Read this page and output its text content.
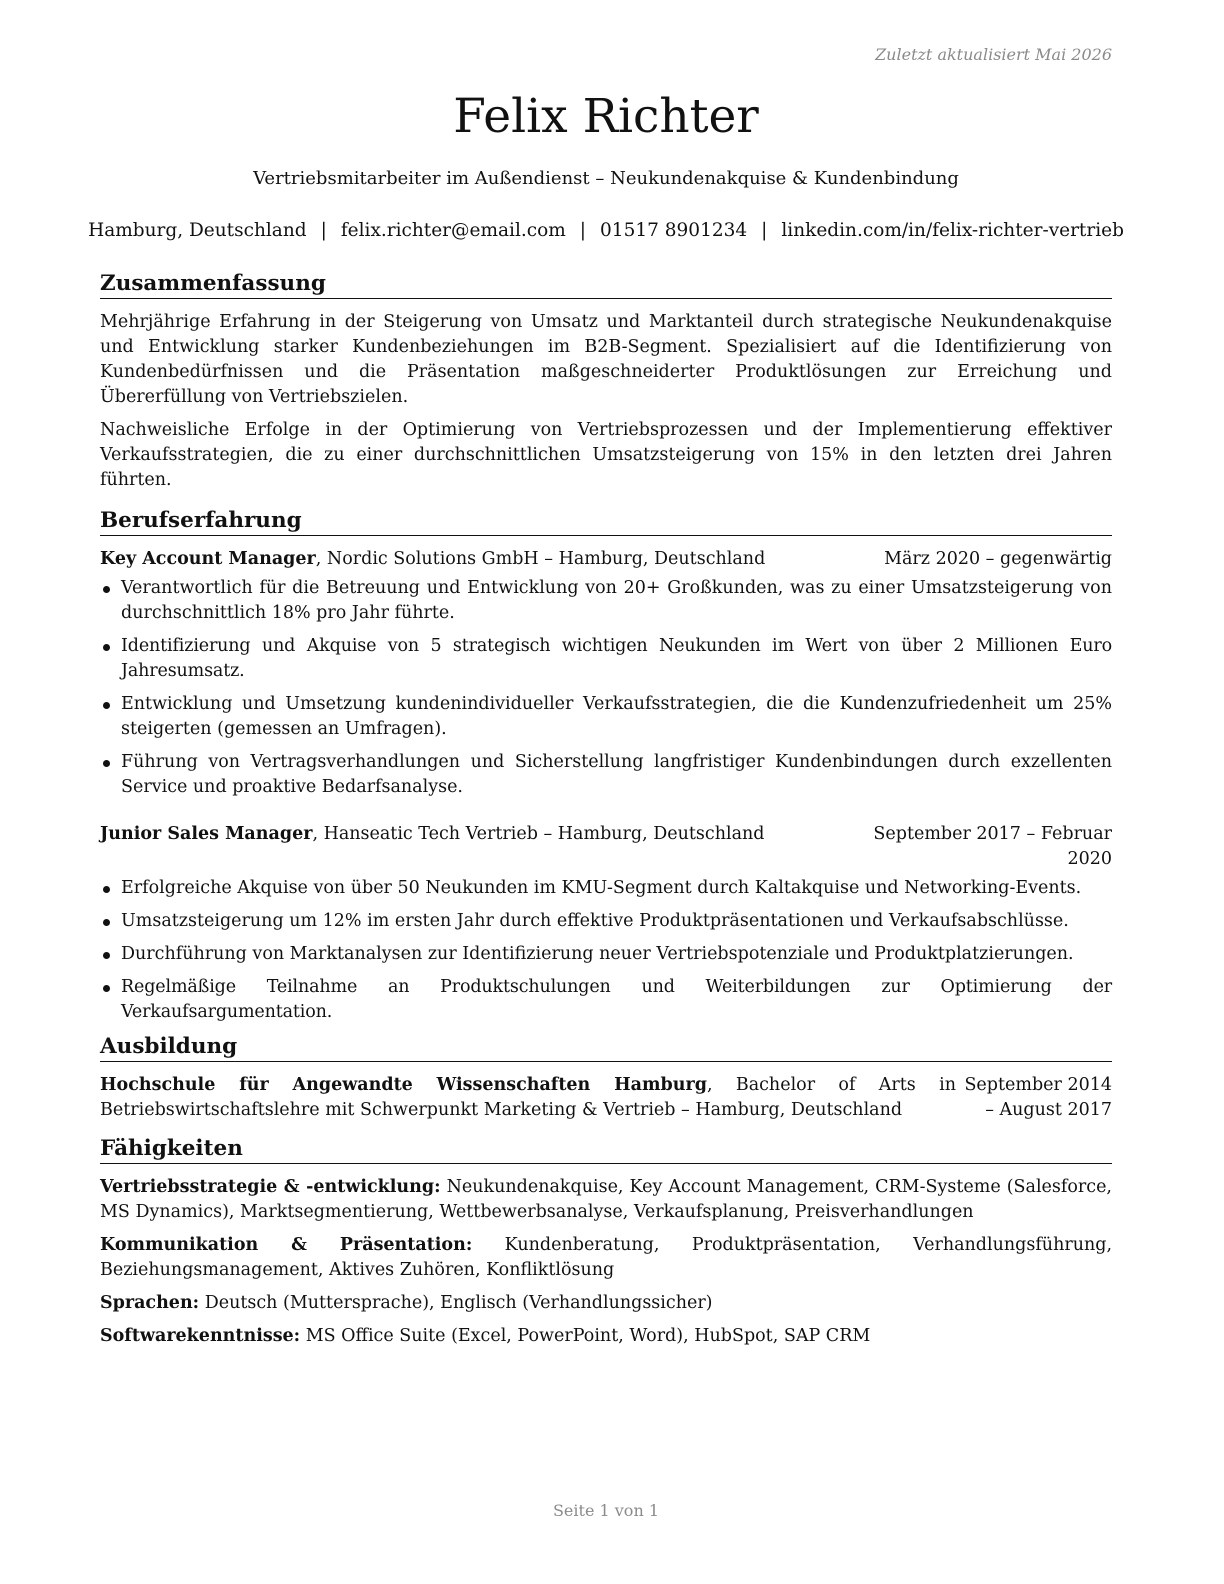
Zuletzt aktualisiert Mai 2026
Felix Richter
Vertriebsmitarbeiter im Außendienst – Neukundenakquise & Kundenbindung
Hamburg, Deutschland | felix.richter@email.com | 01517 8901234 | linkedin.com/in/felix-richter-vertrieb
Zusammenfassung

Mehrjährige Erfahrung in der Steigerung von Umsatz und Marktanteil durch strategische Neukundenakquise und Entwicklung starker Kundenbeziehungen im B2B-Segment. Spezialisiert auf die Identifizierung von Kundenbedürfnissen und die Präsentation maßgeschneiderter Produktlösungen zur Erreichung und Übererfüllung von Vertriebszielen.

Nachweisliche Erfolge in der Optimierung von Vertriebsprozessen und der Implementierung effektiver Verkaufsstrategien, die zu einer durchschnittlichen Umsatzsteigerung von 15% in den letzten drei Jahren führten.

Berufserfahrung
Key Account Manager, Nordic Solutions GmbH – Hamburg, Deutschland	März 2020 – gegenwärtig
Verantwortlich für die Betreuung und Entwicklung von 20+ Großkunden, was zu einer Umsatzsteigerung von durchschnittlich 18% pro Jahr führte.
Identifizierung und Akquise von 5 strategisch wichtigen Neukunden im Wert von über 2 Millionen Euro Jahresumsatz.
Entwicklung und Umsetzung kundenindividueller Verkaufsstrategien, die die Kundenzufriedenheit um 25% steigerten (gemessen an Umfragen).
Führung von Vertragsverhandlungen und Sicherstellung langfristiger Kundenbindungen durch exzellenten Service und proaktive Bedarfsanalyse.
Junior Sales Manager, Hanseatic Tech Vertrieb – Hamburg, Deutschland	September 2017 – Februar 2020
Erfolgreiche Akquise von über 50 Neukunden im KMU-Segment durch Kaltakquise und Networking-Events.
Umsatzsteigerung um 12% im ersten Jahr durch effektive Produktpräsentationen und Verkaufsabschlüsse.
Durchführung von Marktanalysen zur Identifizierung neuer Vertriebspotenziale und Produktplatzierungen.
Regelmäßige Teilnahme an Produktschulungen und Weiterbildungen zur Optimierung der Verkaufsargumentation.
Ausbildung
Hochschule für Angewandte Wissenschaften Hamburg, Bachelor of Arts in Betriebswirtschaftslehre mit Schwerpunkt Marketing & Vertrieb – Hamburg, Deutschland
September 2014 – August 2017
Fähigkeiten

Vertriebsstrategie & -entwicklung: Neukundenakquise, Key Account Management, CRM-Systeme (Salesforce, MS Dynamics), Marktsegmentierung, Wettbewerbsanalyse, Verkaufsplanung, Preisverhandlungen

Kommunikation & Präsentation: Kundenberatung, Produktpräsentation, Verhandlungsführung, Beziehungsmanagement, Aktives Zuhören, Konfliktlösung

Sprachen: Deutsch (Muttersprache), Englisch (Verhandlungssicher)

Softwarekenntnisse: MS Office Suite (Excel, PowerPoint, Word), HubSpot, SAP CRM

Seite 1 von 1
